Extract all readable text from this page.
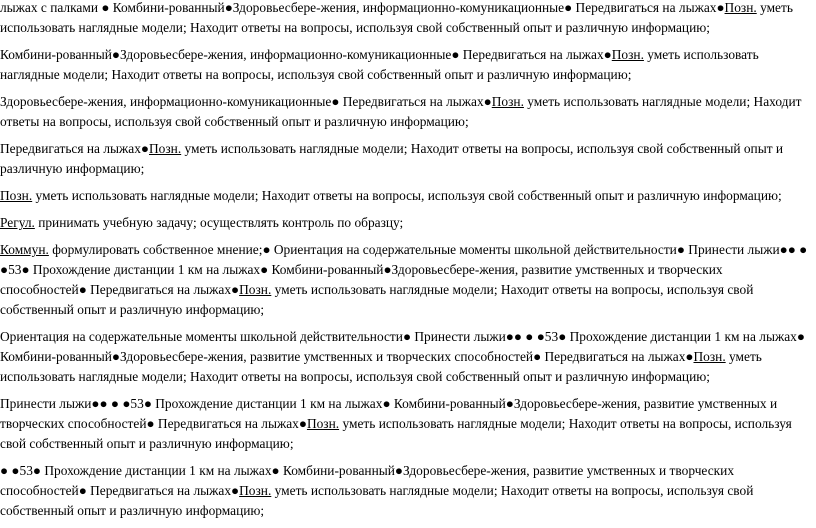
лыжах с палками ● Комбини-рованный●Здоровьесбере-жения, информационно-комуникационные● Передвигаться на лыжах●Позн. уметь использовать наглядные модели; Находит ответы на вопросы, используя свой собственный опыт и различную информацию;

Комбини-рованный●Здоровьесбере-жения, информационно-комуникационные● Передвигаться на лыжах●Позн. уметь использовать наглядные модели; Находит ответы на вопросы, используя свой собственный опыт и различную информацию;

Здоровьесбере-жения, информационно-комуникационные● Передвигаться на лыжах●Позн. уметь использовать наглядные модели; Находит ответы на вопросы, используя свой собственный опыт и различную информацию;

Передвигаться на лыжах●Позн. уметь использовать наглядные модели; Находит ответы на вопросы, используя свой собственный опыт и различную информацию;

Позн. уметь использовать наглядные модели; Находит ответы на вопросы, используя свой собственный опыт и различную информацию;

Регул. принимать учебную задачу; осуществлять контроль по образцу;

Коммун. формулировать собственное мнение;● Ориентация на содержательные моменты школьной действительности● Принести лыжи●● ● ●53● Прохождение дистанции 1 км на лыжах● Комбини-рованный●Здоровьесбере-жения, развитие умственных и творческих способностей● Передвигаться на лыжах●Позн. уметь использовать наглядные модели; Находит ответы на вопросы, используя свой собственный опыт и различную информацию;

Ориентация на содержательные моменты школьной действительности● Принести лыжи●● ● ●53● Прохождение дистанции 1 км на лыжах● Комбини-рованный●Здоровьесбере-жения, развитие умственных и творческих способностей● Передвигаться на лыжах●Позн. уметь использовать наглядные модели; Находит ответы на вопросы, используя свой собственный опыт и различную информацию;

Принести лыжи●● ● ●53● Прохождение дистанции 1 км на лыжах● Комбини-рованный●Здоровьесбере-жения, развитие умственных и творческих способностей● Передвигаться на лыжах●Позн. уметь использовать наглядные модели; Находит ответы на вопросы, используя свой собственный опыт и различную информацию;

● ●53● Прохождение дистанции 1 км на лыжах● Комбини-рованный●Здоровьесбере-жения, развитие умственных и творческих способностей● Передвигаться на лыжах●Позн. уметь использовать наглядные модели; Находит ответы на вопросы, используя свой собственный опыт и различную информацию;
